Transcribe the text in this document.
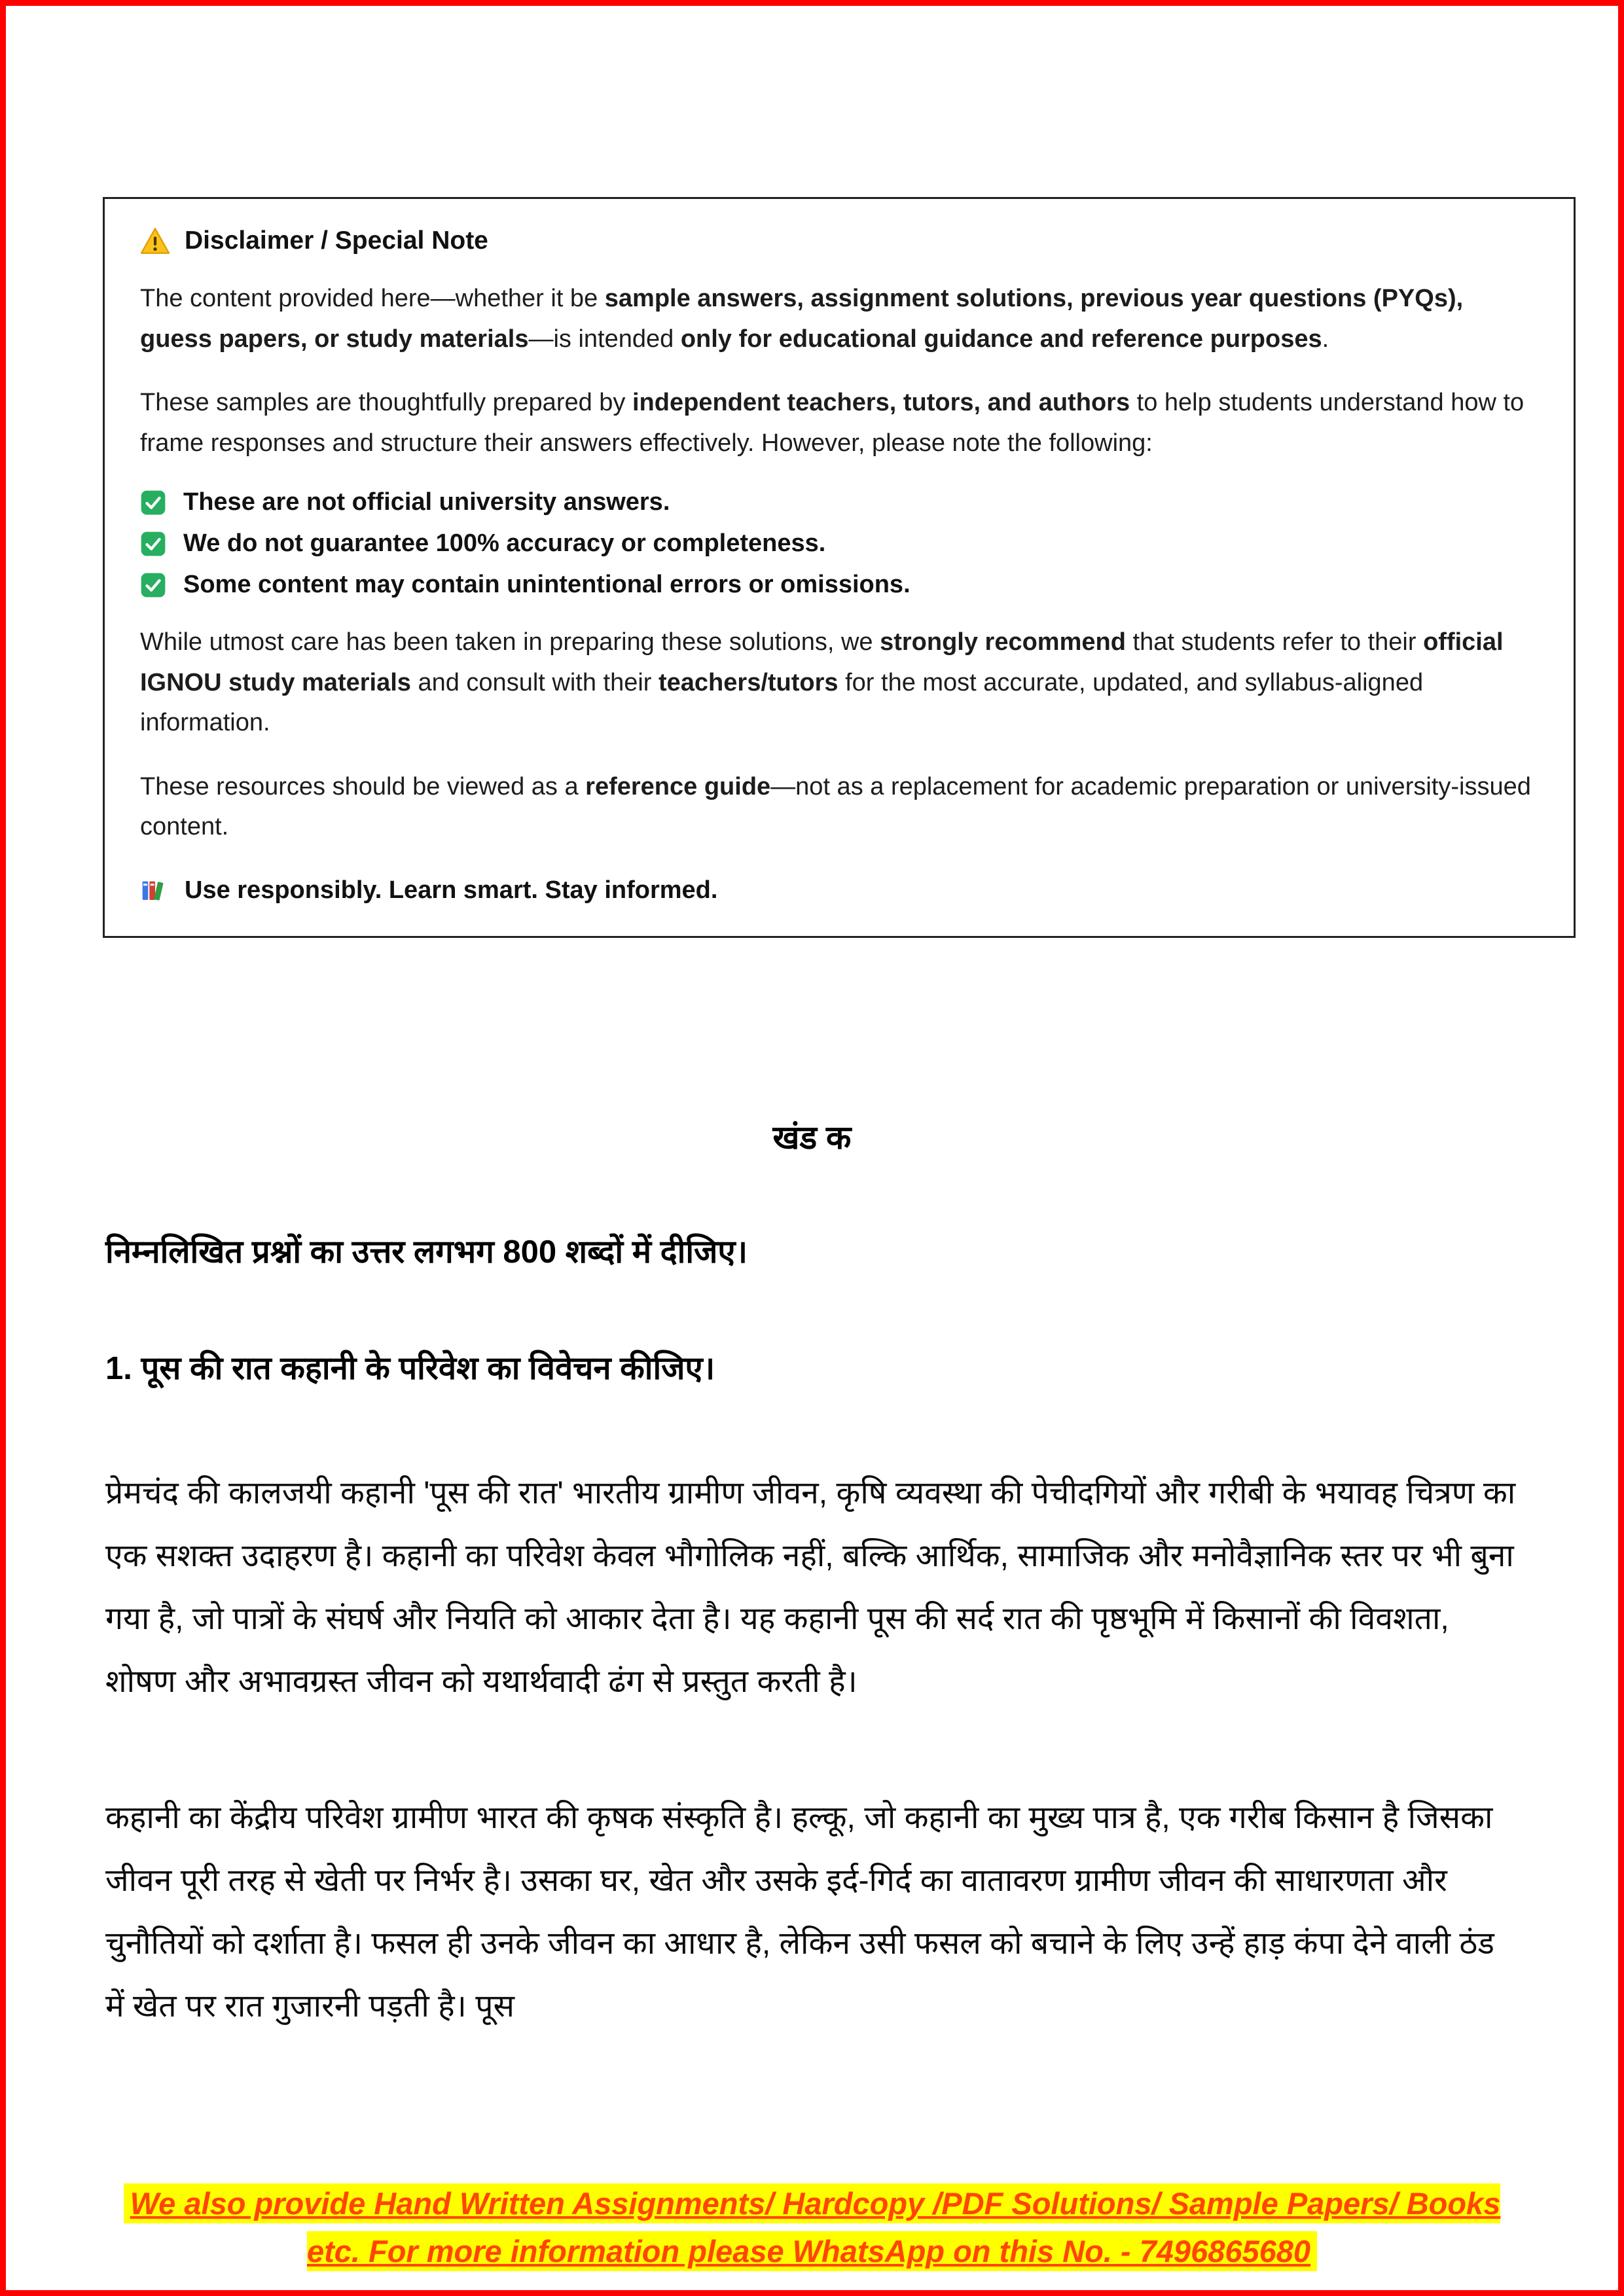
Disclaimer / Special Note

The content provided here—whether it be sample answers, assignment solutions, previous year questions (PYQs), guess papers, or study materials—is intended only for educational guidance and reference purposes.

These samples are thoughtfully prepared by independent teachers, tutors, and authors to help students understand how to frame responses and structure their answers effectively. However, please note the following:

These are not official university answers.
We do not guarantee 100% accuracy or completeness.
Some content may contain unintentional errors or omissions.

While utmost care has been taken in preparing these solutions, we strongly recommend that students refer to their official IGNOU study materials and consult with their teachers/tutors for the most accurate, updated, and syllabus-aligned information.

These resources should be viewed as a reference guide—not as a replacement for academic preparation or university-issued content.

Use responsibly. Learn smart. Stay informed.
खंड क

निम्नलिखित प्रश्नों का उत्तर लगभग 800 शब्दों में दीजिए।

1. पूस की रात कहानी के परिवेश का विवेचन कीजिए।

प्रेमचंद की कालजयी कहानी 'पूस की रात' भारतीय ग्रामीण जीवन, कृषि व्यवस्था की पेचीदगियों और गरीबी के भयावह चित्रण का एक सशक्त उदाहरण है। कहानी का परिवेश केवल भौगोलिक नहीं, बल्कि आर्थिक, सामाजिक और मनोवैज्ञानिक स्तर पर भी बुना गया है, जो पात्रों के संघर्ष और नियति को आकार देता है। यह कहानी पूस की सर्द रात की पृष्ठभूमि में किसानों की विवशता, शोषण और अभावग्रस्त जीवन को यथार्थवादी ढंग से प्रस्तुत करती है।

कहानी का केंद्रीय परिवेश ग्रामीण भारत की कृषक संस्कृति है। हल्कू, जो कहानी का मुख्य पात्र है, एक गरीब किसान है जिसका जीवन पूरी तरह से खेती पर निर्भर है। उसका घर, खेत और उसके इर्द-गिर्द का वातावरण ग्रामीण जीवन की साधारणता और चुनौतियों को दर्शाता है। फसल ही उनके जीवन का आधार है, लेकिन उसी फसल को बचाने के लिए उन्हें हाड़ कंपा देने वाली ठंड में खेत पर रात गुजारनी पड़ती है। पूस

We also provide Hand Written Assignments/ Hardcopy /PDF Solutions/ Sample Papers/ Books etc. For more information please WhatsApp on this No. - 7496865680
